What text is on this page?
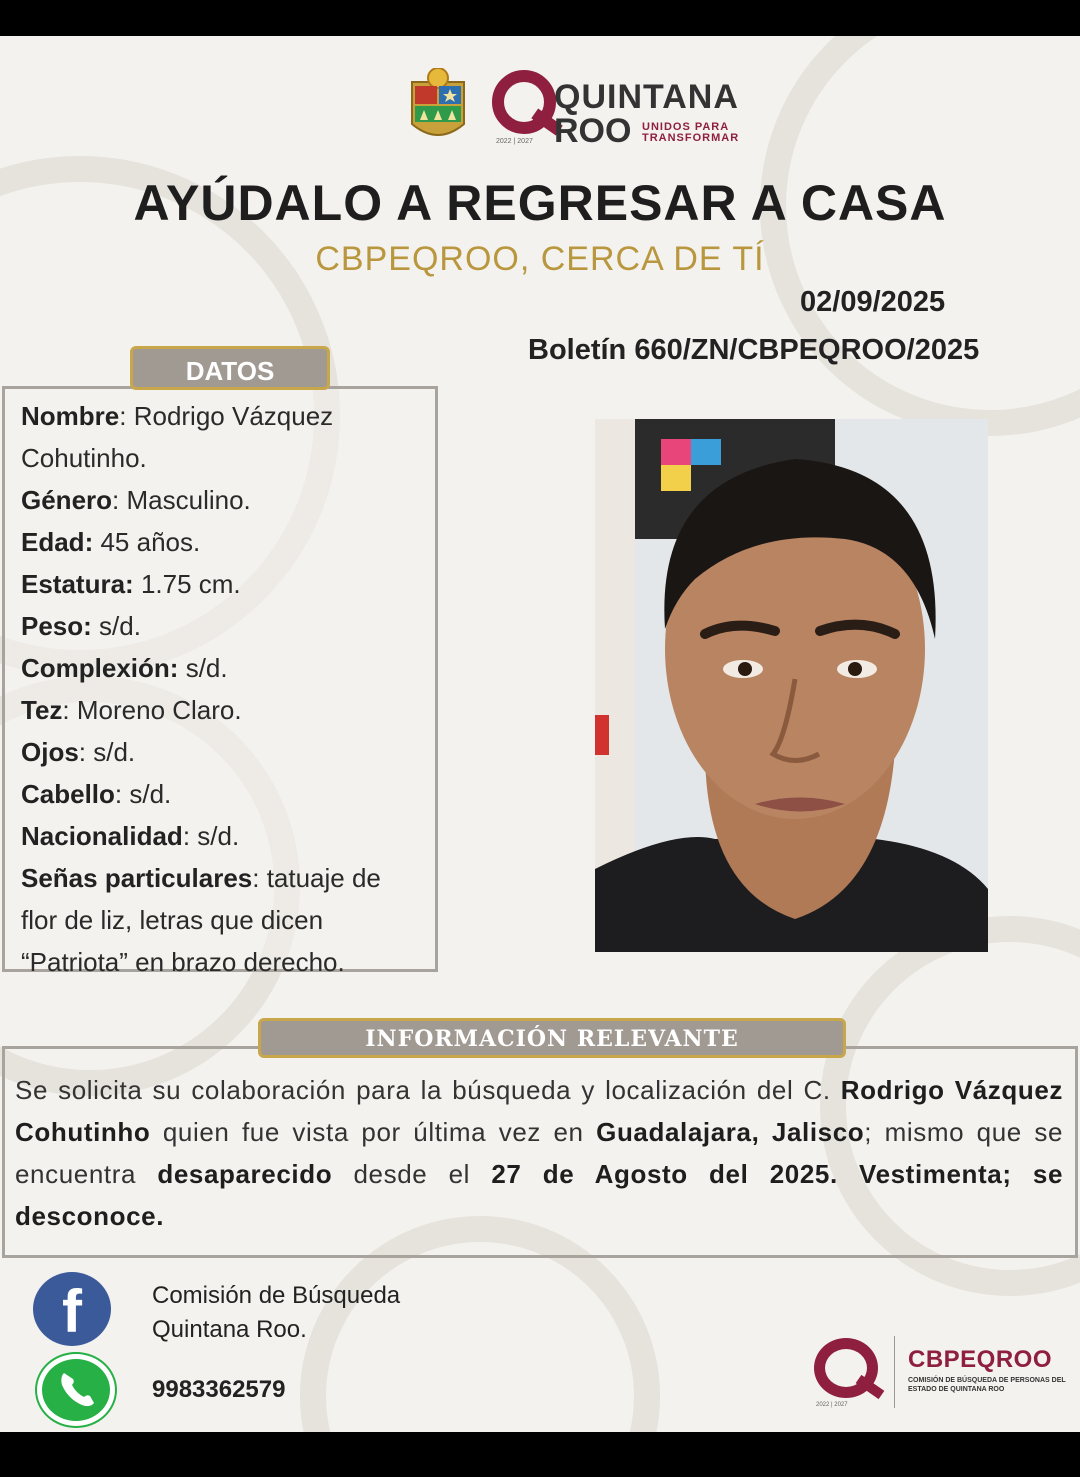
QUINTANA
ROO UNIDOS PARA
TRANSFORMAR
2022 | 2027
AYÚDALO A REGRESAR A CASA
CBPEQROO, CERCA DE TÍ
02/09/2025
Boletín 660/ZN/CBPEQROO/2025
Nombre: Rodrigo Vázquez Cohutinho.
Género: Masculino.
Edad: 45 años.
Estatura: 1.75 cm.
Peso: s/d.
Complexión: s/d.
Tez: Moreno Claro.
Ojos: s/d.
Cabello: s/d.
Nacionalidad: s/d.
Señas particulares: tatuaje de flor de liz, letras que dicen “Patriota” en brazo derecho.
DATOS

Se solicita su colaboración para la búsqueda y localización del C. Rodrigo Vázquez Cohutinho quien fue vista por última vez en Guadalajara, Jalisco; mismo que se encuentra desaparecido desde el 27 de Agosto del 2025. Vestimenta; se desconoce.

INFORMACIÓN RELEVANTE
f	Comisión de Búsqueda
Quintana Roo.
9983362579
CBPEQROO
COMISIÓN DE BÚSQUEDA DE PERSONAS DEL ESTADO DE QUINTANA ROO
2022 | 2027
